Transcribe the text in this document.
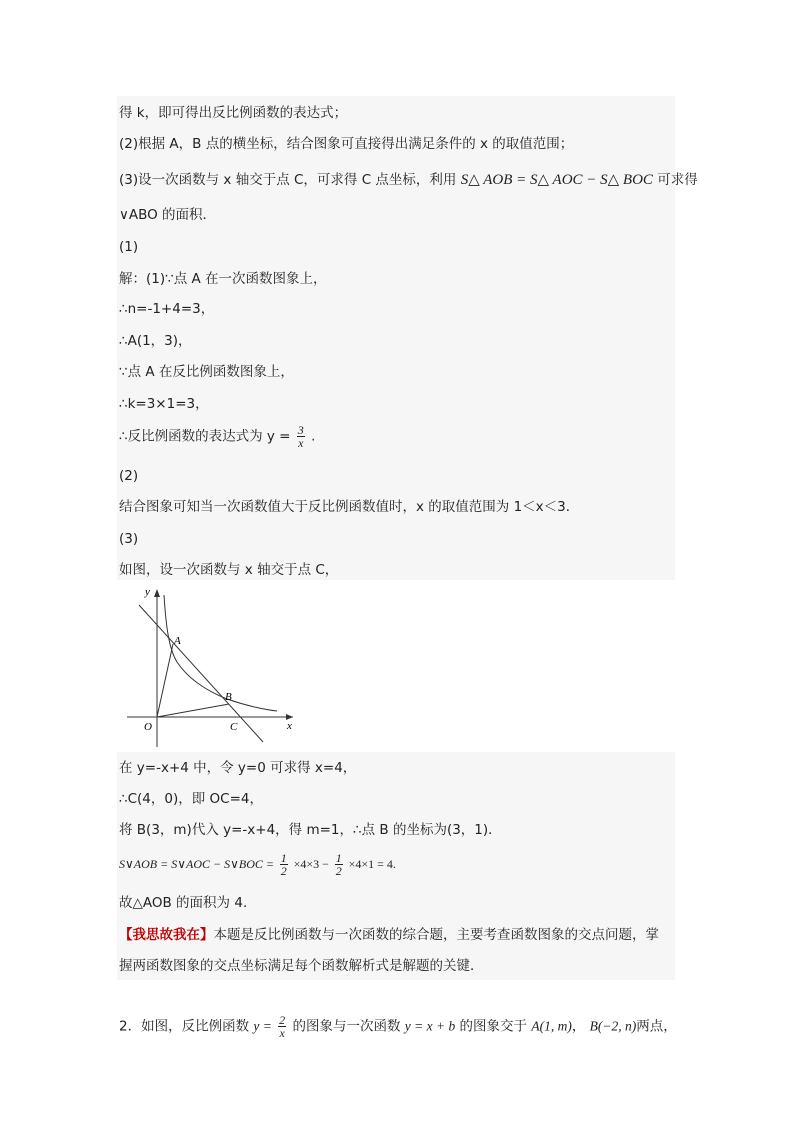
得 k，即可得出反比例函数的表达式；
(2)根据 A，B 点的横坐标，结合图象可直接得出满足条件的 x 的取值范围；
(3)设一次函数与 x 轴交于点 C，可求得 C 点坐标，利用 S△ AOB = S△ AOC − S△ BOC 可求得
∨ABO 的面积．
(1)
解：(1)∵点 A 在一次函数图象上，
∴n=-1+4=3，
∴A(1，3)，
∵点 A 在反比例函数图象上，
∴k=3×1=3，
∴反比例函数的表达式为 $y = \frac{3}{x}$ .
(2)
结合图象可知当一次函数值大于反比例函数值时，x 的取值范围为 1＜x＜3．
(3)
如图，设一次函数与 x 轴交于点 C，
y
x
O
A
B
C
在 y=-x+4 中，令 y=0 可求得 x=4，
∴C(4，0)，即 OC=4，
将 B(3，m)代入 y=-x+4，得 m=1，∴点 B 的坐标为(3，1)．
S∨AOB = S∨AOC − S∨BOC = $\frac{1}{2} \times 4\times 3 - \frac{1}{2} \times 4\times 1 = 4$.
故△AOB 的面积为 4．
【我思故我在】本题是反比例函数与一次函数的综合题，主要考查函数图象的交点问题，掌
握两函数图象的交点坐标满足每个函数解析式是解题的关键．
2．如图，反比例函数 $y = \frac{2}{x}$ 的图象与一次函数 y = x + b 的图象交于 A(1, m)， B(−2, n)两点，
